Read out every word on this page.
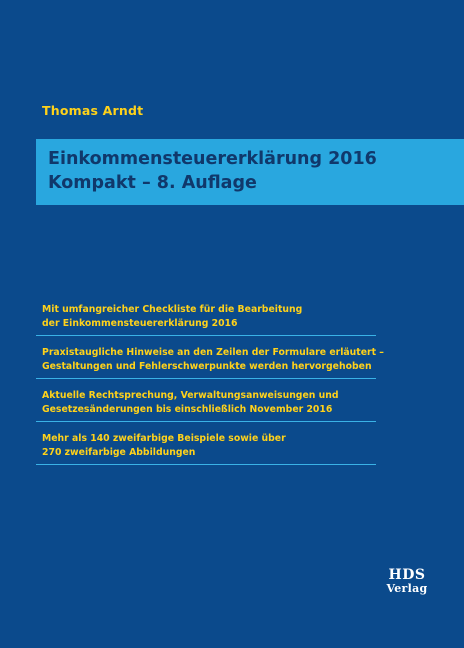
Thomas Arndt
Einkommensteuererklärung 2016
Kompakt – 8. Auflage
Mit umfangreicher Checkliste für die Bearbeitung
der Einkommensteuererklärung 2016
Praxistaugliche Hinweise an den Zeilen der Formulare erläutert –
Gestaltungen und Fehlerschwerpunkte werden hervorgehoben
Aktuelle Rechtsprechung, Verwaltungsanweisungen und
Gesetzesänderungen bis einschließlich November 2016
Mehr als 140 zweifarbige Beispiele sowie über
270 zweifarbige Abbildungen
HDS
Verlag
